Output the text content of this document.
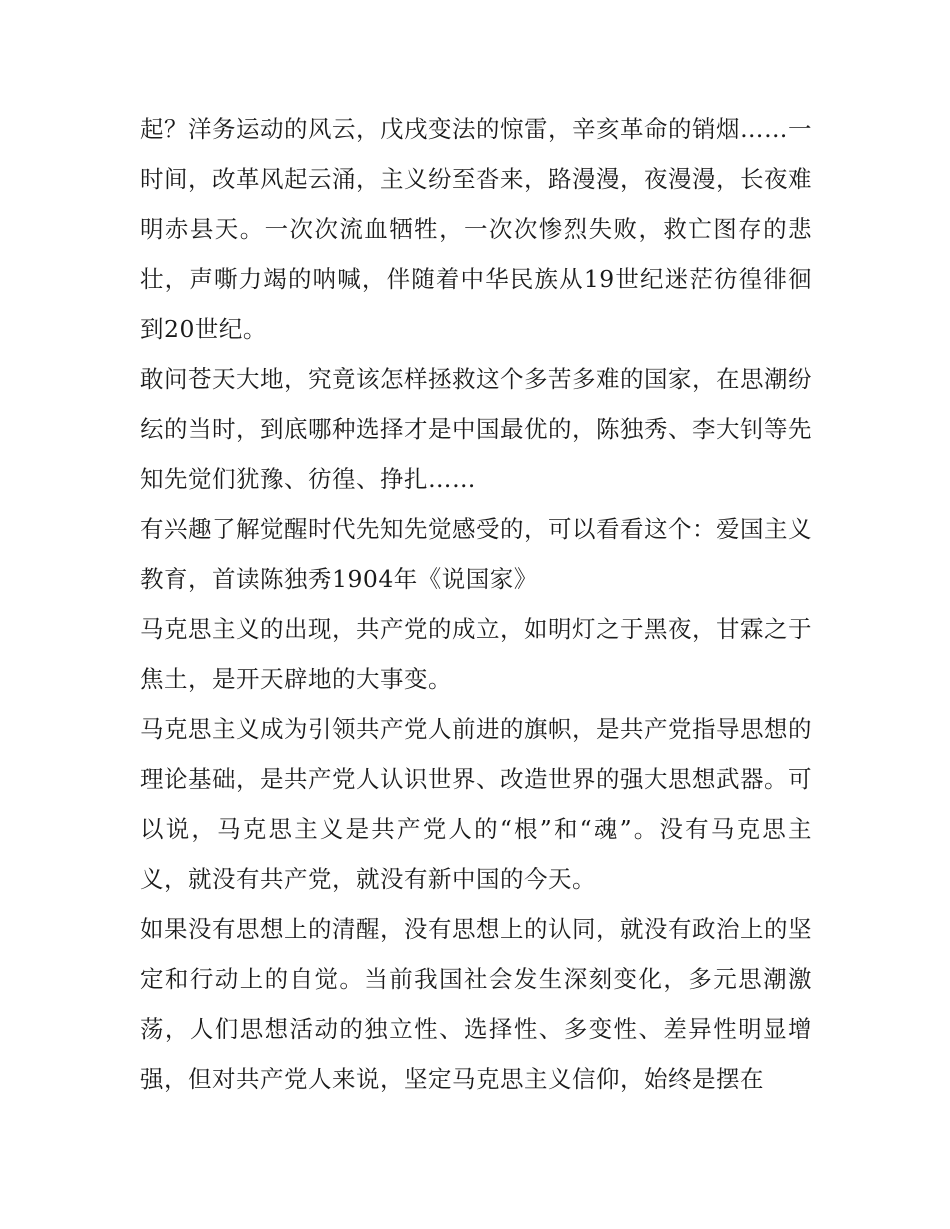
起？洋务运动的风云，戊戌变法的惊雷，辛亥革命的销烟……一时间，改革风起云涌，主义纷至沓来，路漫漫，夜漫漫，长夜难明赤县天。一次次流血牺牲，一次次惨烈失败，救亡图存的悲壮，声嘶力竭的呐喊，伴随着中华民族从19世纪迷茫彷徨徘徊到20世纪。

敢问苍天大地，究竟该怎样拯救这个多苦多难的国家，在思潮纷纭的当时，到底哪种选择才是中国最优的，陈独秀、李大钊等先知先觉们犹豫、彷徨、挣扎……

有兴趣了解觉醒时代先知先觉感受的，可以看看这个：爱国主义教育，首读陈独秀1904年《说国家》

马克思主义的出现，共产党的成立，如明灯之于黑夜，甘霖之于焦土，是开天辟地的大事变。

马克思主义成为引领共产党人前进的旗帜，是共产党指导思想的理论基础，是共产党人认识世界、改造世界的强大思想武器。可以说，马克思主义是共产党人的“根”和“魂”。没有马克思主义，就没有共产党，就没有新中国的今天。

如果没有思想上的清醒，没有思想上的认同，就没有政治上的坚定和行动上的自觉。当前我国社会发生深刻变化，多元思潮激荡，人们思想活动的独立性、选择性、多变性、差异性明显增强，但对共产党人来说，坚定马克思主义信仰，始终是摆在
